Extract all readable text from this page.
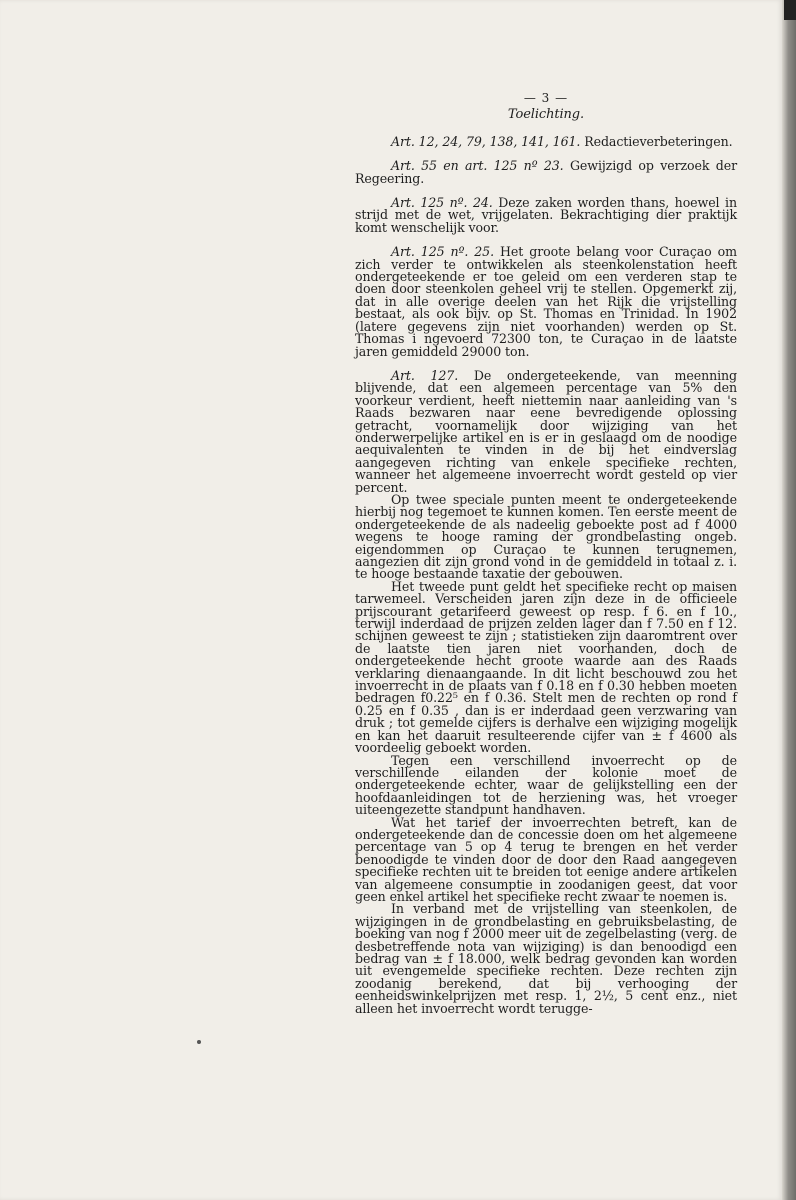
— 3 —
Toelichting.

Art. 12, 24, 79, 138, 141, 161. Redactieverbeteringen.

Art. 55 en art. 125 nº 23. Gewijzigd op verzoek der Regeering.

Art. 125 nº. 24. Deze zaken worden thans, hoewel in strijd met de wet, vrijgelaten. Bekrachtiging dier praktijk komt wenschelijk voor.

Art. 125 nº. 25. Het groote belang voor Curaçao om zich verder te ontwikkelen als steenkolenstation heeft ondergeteekende er toe geleid om een verderen stap te doen door steenkolen geheel vrij te stellen. Opgemerkt zij, dat in alle overige deelen van het Rijk die vrijstelling bestaat, als ook bijv. op St. Thomas en Trinidad. In 1902 (latere gegevens zijn niet voorhanden) werden op St. Thomas i ngevoerd 72300 ton, te Curaçao in de laatste jaren gemiddeld 29000 ton.

Art. 127. De ondergeteekende, van meenning blijvende, dat een algemeen percentage van 5% den voorkeur verdient, heeft niettemin naar aanleiding van 's Raads bezwaren naar eene bevredigende oplossing getracht, voornamelijk door wijziging van het onderwerpelijke artikel en is er in geslaagd om de noodige aequivalenten te vinden in de bij het eindverslag aangegeven richting van enkele specifieke rechten, wanneer het algemeene invoerrecht wordt gesteld op vier percent.

Op twee speciale punten meent te ondergeteekende hierbij nog tegemoet te kunnen komen. Ten eerste meent de ondergeteekende de als nadeelig geboekte post ad f 4000 wegens te hooge raming der grondbelasting ongeb. eigendommen op Curaçao te kunnen terugnemen, aangezien dit zijn grond vond in de gemiddeld in totaal z. i. te hooge bestaande taxatie der gebouwen.

Het tweede punt geldt het specifieke recht op maisen tarwemeel. Verscheiden jaren zijn deze in de officieele prijscourant getarifeerd geweest op resp. f 6. en f 10., terwijl inderdaad de prijzen zelden lager dan f 7.50 en f 12. schijnen geweest te zijn ; statistieken zijn daaromtrent over de laatste tien jaren niet voorhanden, doch de ondergeteekende hecht groote waarde aan des Raads verklaring dienaangaande. In dit licht beschouwd zou het invoerrecht in de plaats van f 0.18 en f 0.30 hebben moeten bedragen f0.22⁵ en f 0.36. Stelt men de rechten op rond f 0.25 en f 0.35 , dan is er inderdaad geen verzwaring van druk ; tot gemelde cijfers is derhalve een wijziging mogelijk en kan het daaruit resulteerende cijfer van ± f 4600 als voordeelig geboekt worden.

Tegen een verschillend invoerrecht op de verschillende eilanden der kolonie moet de ondergeteekende echter, waar de gelijkstelling een der hoofdaanleidingen tot de herziening was, het vroeger uiteengezette standpunt handhaven.

Wat het tarief der invoerrechten betreft, kan de ondergeteekende dan de concessie doen om het algemeene percentage van 5 op 4 terug te brengen en het verder benoodigde te vinden door de door den Raad aangegeven specifieke rechten uit te breiden tot eenige andere artikelen van algemeene consumptie in zoodanigen geest, dat voor geen enkel artikel het specifieke recht zwaar te noemen is.

In verband met de vrijstelling van steenkolen, de wijzigingen in de grondbelasting en gebruiksbelasting, de boeking van nog f 2000 meer uit de zegelbelasting (verg. de desbetreffende nota van wijziging) is dan benoodigd een bedrag van ± f 18.000, welk bedrag gevonden kan worden uit evengemelde specifieke rechten. Deze rechten zijn zoodanig berekend, dat bij verhooging der eenheidswinkelprijzen met resp. 1, 2½, 5 cent enz., niet alleen het invoerrecht wordt terugge-
